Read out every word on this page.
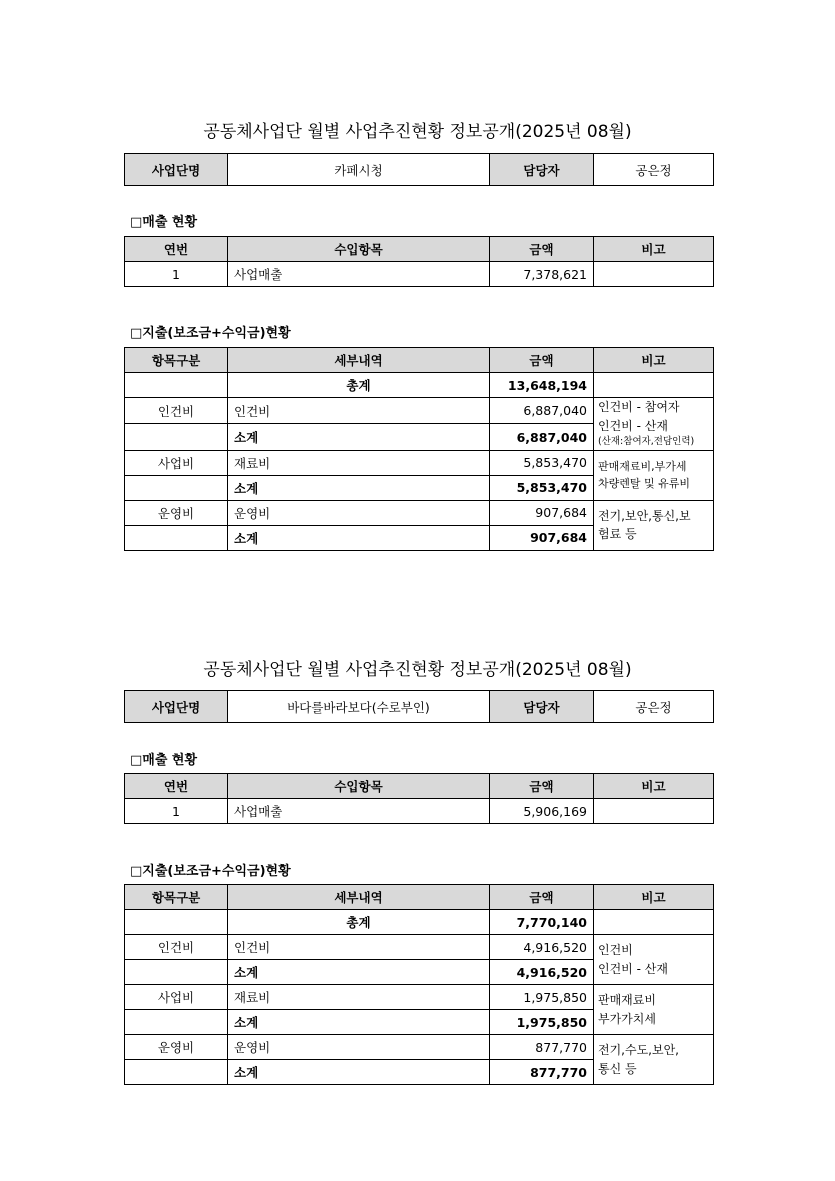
공동체사업단 월별 사업추진현황 정보공개(2025년 08월)
사업단명	카페시청	담당자	공은정
□매출 현황
연번	수입항목	금액	비고
1	사업매출	7,378,621	
□지출(보조금+수익금)현황
항목구분	세부내역	금액	비고
	총계	13,648,194	
인건비	인건비	6,887,040	인건비 - 참여자
인건비 - 산재
(산재:참여자,전담인력)

	소계	6,887,040	
사업비	재료비	5,853,470	판매재료비,부가세
차량렌탈 및 유류비

	소계	5,853,470	
운영비	운영비	907,684	전기,보안,통신,보
험료 등

	소계	907,684	
공동체사업단 월별 사업추진현황 정보공개(2025년 08월)
사업단명	바다를바라보다(수로부인)	담당자	공은정
□매출 현황
연번	수입항목	금액	비고
1	사업매출	5,906,169	
□지출(보조금+수익금)현황
항목구분	세부내역	금액	비고
	총계	7,770,140	
인건비	인건비	4,916,520	인건비
인건비 - 산재

	소계	4,916,520	
사업비	재료비	1,975,850	판매재료비
부가가치세

	소계	1,975,850	
운영비	운영비	877,770	전기,수도,보안,
통신 등

	소계	877,770	
